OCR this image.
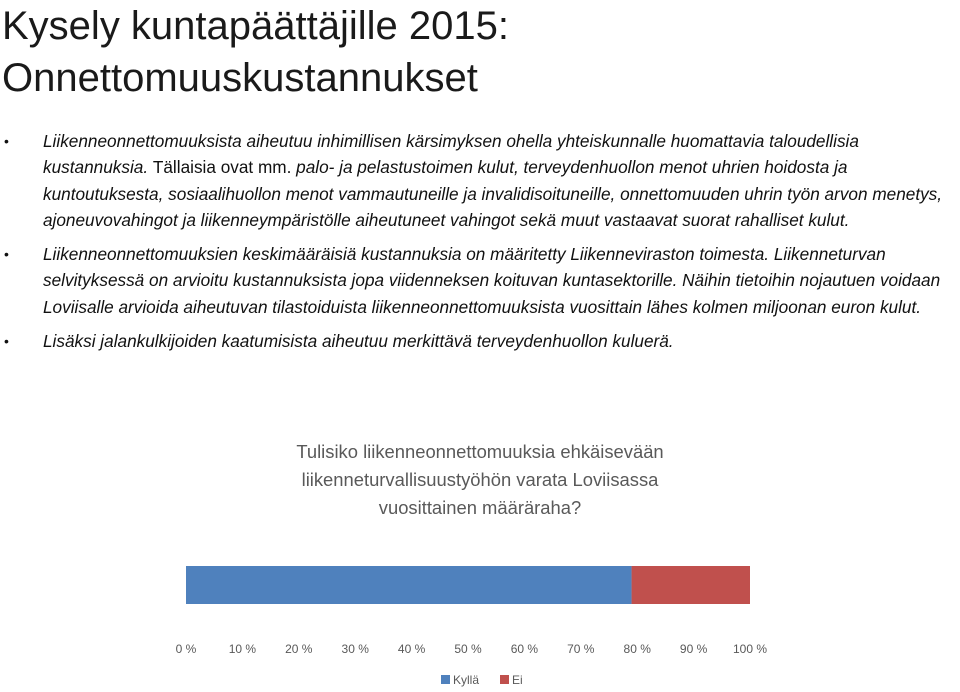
Kysely kuntapäättäjille 2015:
Onnettomuuskustannukset
• Liikenneonnettomuuksista aiheutuu inhimillisen kärsimyksen ohella yhteiskunnalle huomattavia taloudellisia kustannuksia. Tällaisia ovat mm. palo- ja pelastustoimen kulut, terveydenhuollon menot uhrien hoidosta ja kuntoutuksesta, sosiaalihuollon menot vammautuneille ja invalidisoituneille, onnettomuuden uhrin työn arvon menetys, ajoneuvovahingot ja liikenneympäristölle aiheutuneet vahingot sekä muut vastaavat suorat rahalliset kulut.
• Liikenneonnettomuuksien keskimääräisiä kustannuksia on määritetty Liikenneviraston toimesta. Liikenneturvan selvityksessä on arvioitu kustannuksista jopa viidenneksen koituvan kuntasektorille. Näihin tietoihin nojautuen voidaan Loviisalle arvioida aiheutuvan tilastoiduista liikenneonnettomuuksista vuosittain lähes kolmen miljoonan euron kulut.
• Lisäksi jalankulkijoiden kaatumisista aiheutuu merkittävä terveydenhuollon kuluerä.
Tulisiko liikenneonnettomuuksia ehkäisevään
liikenneturvallisuustyöhön varata Loviisassa
vuosittainen määräraha?
0 %	10 % 20 % 30 % 40 % 50 % 60 % 70 % 80 % 90 % 100 %
Kyllä	Ei
